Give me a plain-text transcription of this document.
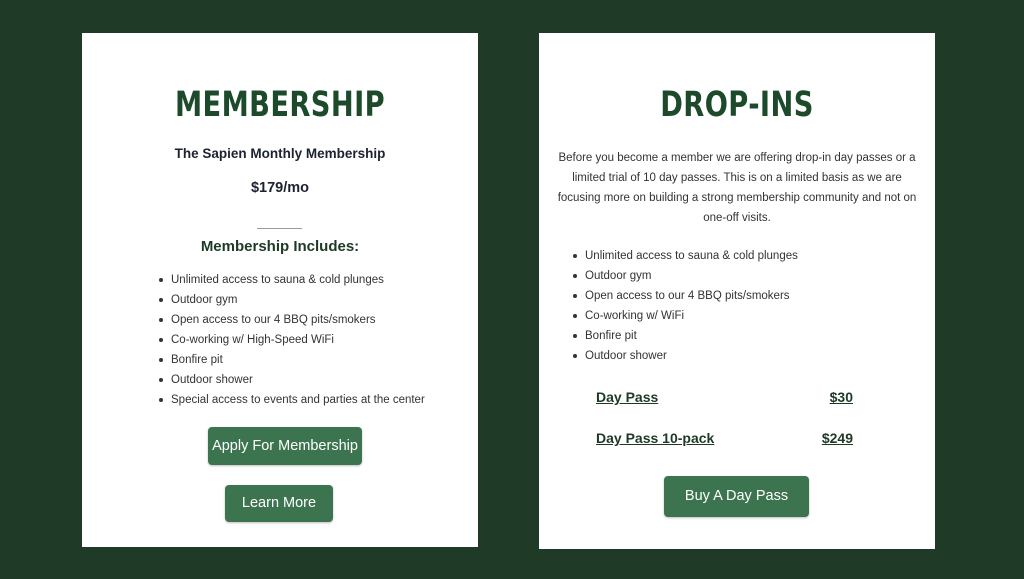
MEMBERSHIP
The Sapien Monthly Membership
$179/mo
Membership Includes:
Unlimited access to sauna & cold plunges
Outdoor gym
Open access to our 4 BBQ pits/smokers
Co-working w/ High-Speed WiFi
Bonfire pit
Outdoor shower
Special access to events and parties at the center
Apply For Membership
Learn More
DROP-INS

Before you become a member we are offering drop-in day passes or a limited trial of 10 day passes. This is on a limited basis as we are focusing more on building a strong membership community and not on one-off visits.

Unlimited access to sauna & cold plunges
Outdoor gym
Open access to our 4 BBQ pits/smokers
Co-working w/ WiFi
Bonfire pit
Outdoor shower
Day Pass	$30
Day Pass 10-pack	$249
Buy A Day Pass
